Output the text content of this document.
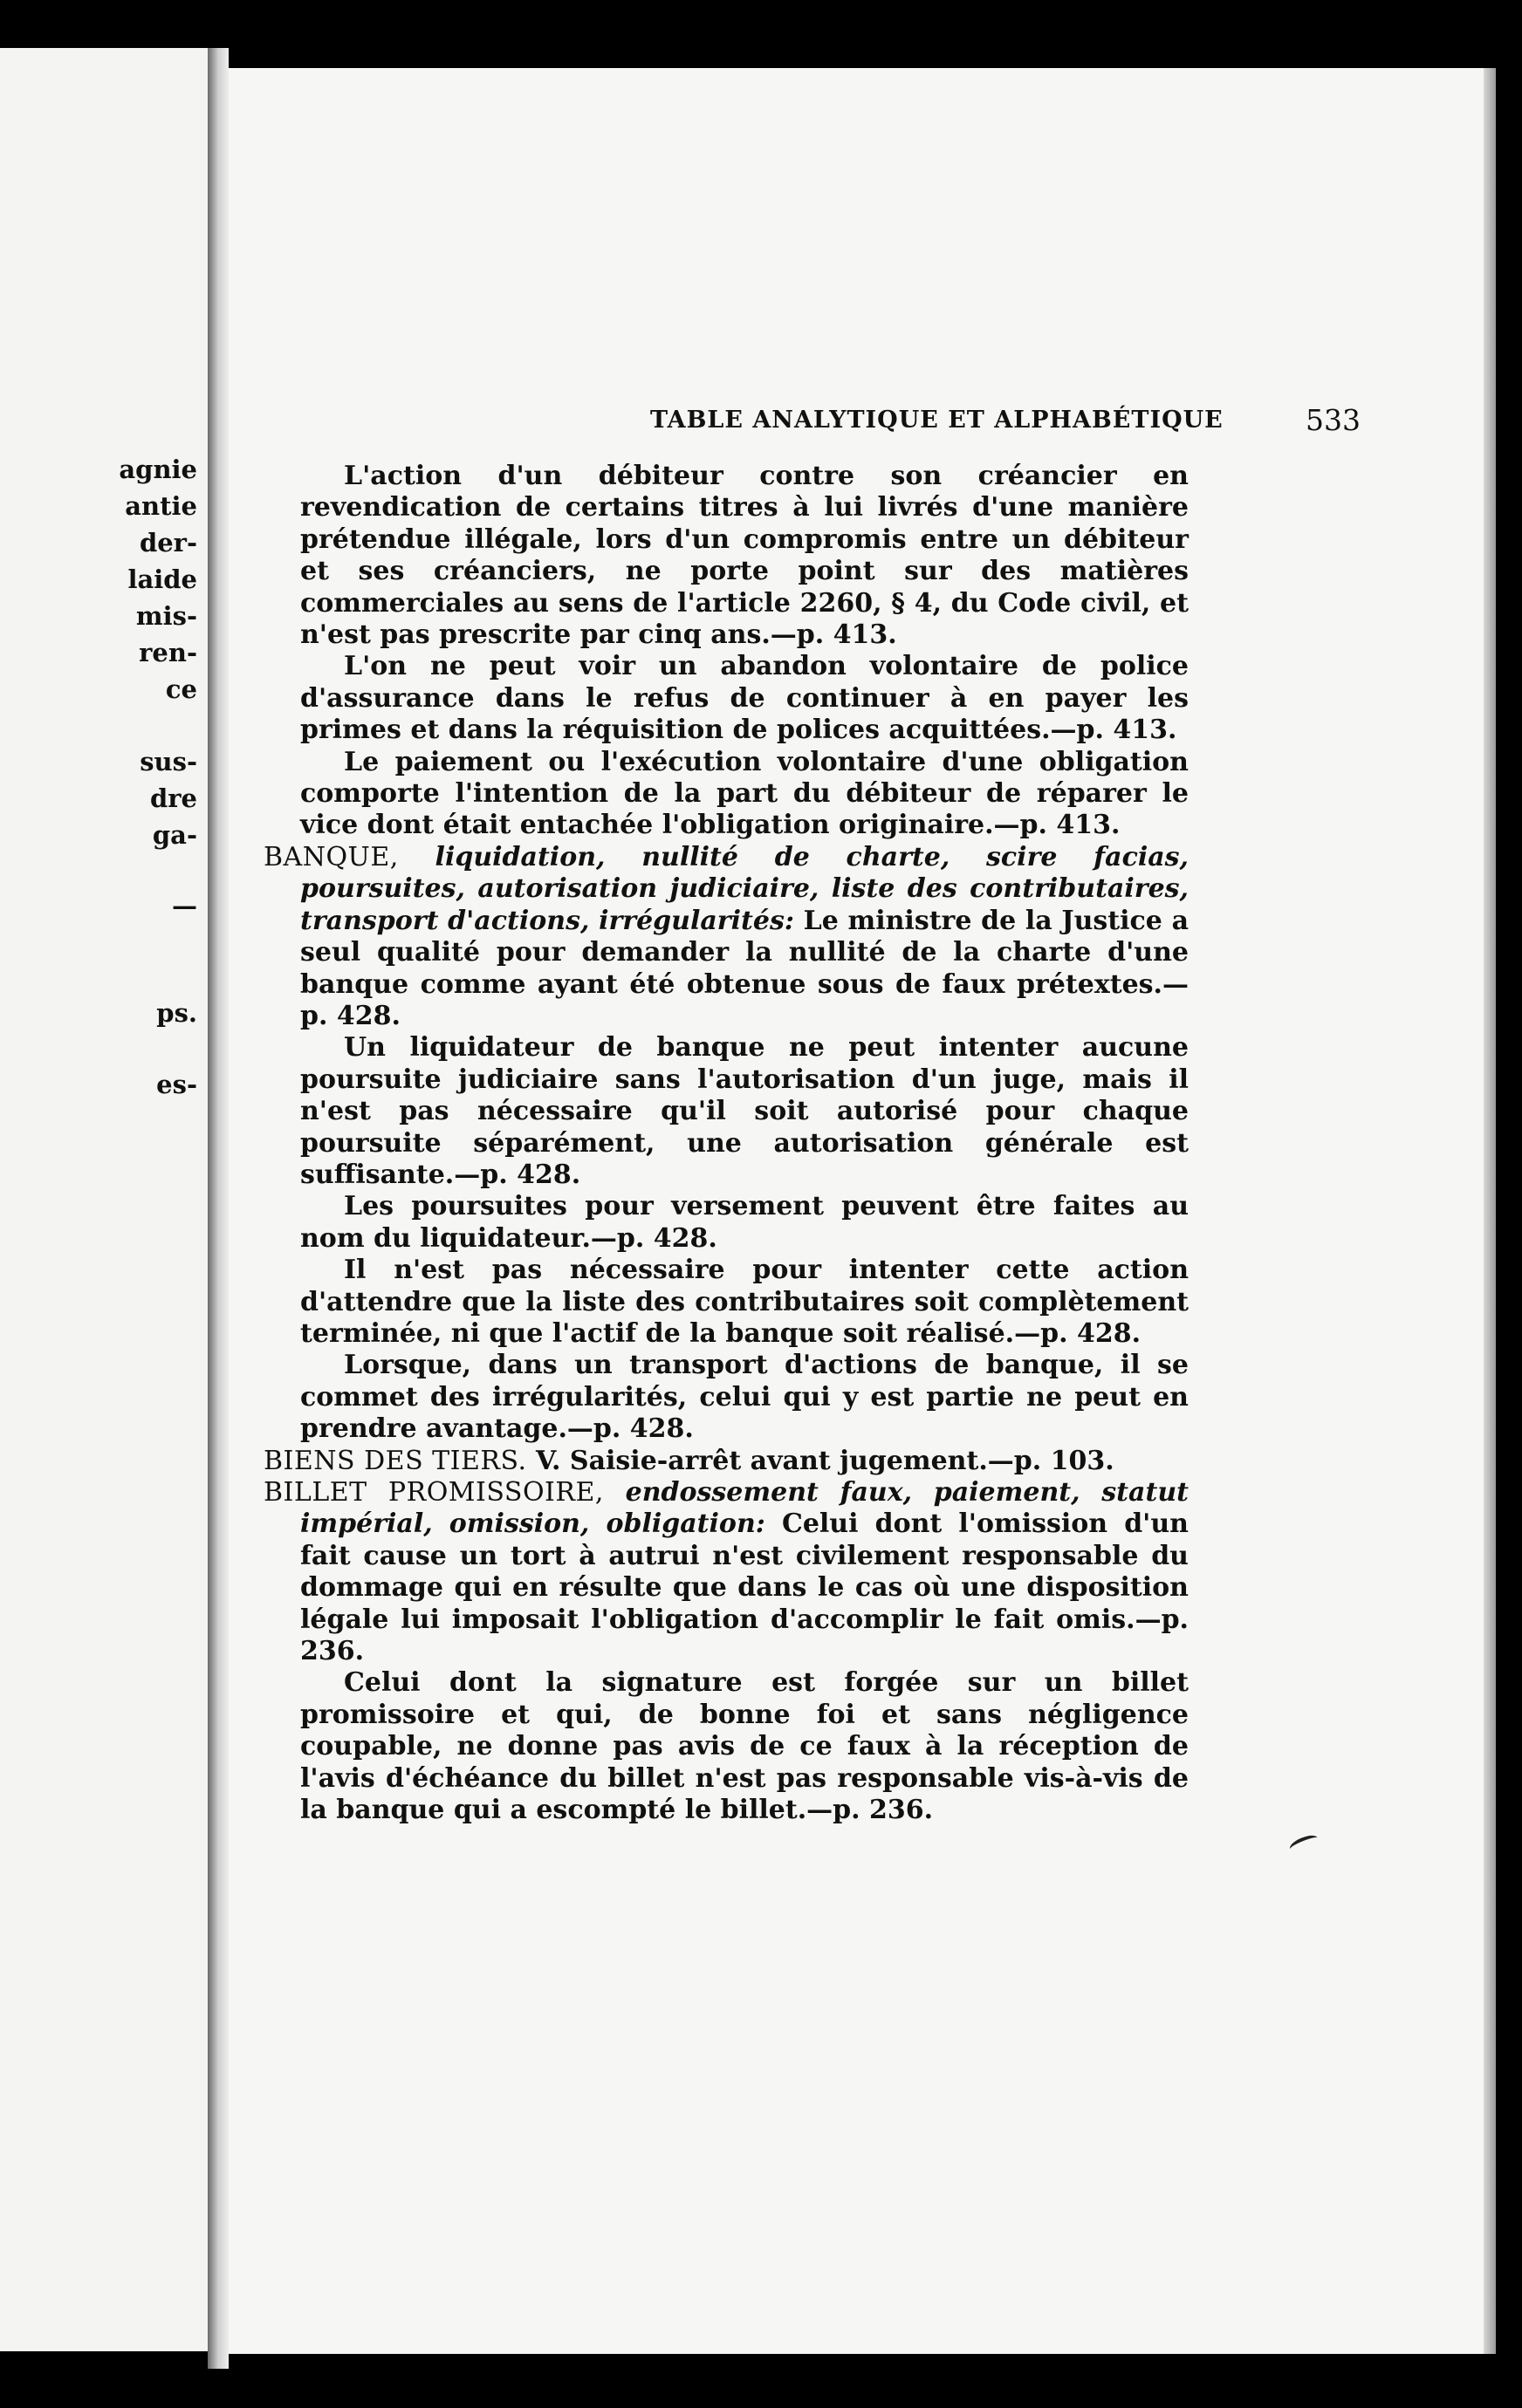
agnie
antie
der-
laide
mis-
ren-
ce
sus-
dre
ga-
—
ps.
es-
TABLE ANALYTIQUE ET ALPHABÉTIQUE	533

L'action d'un débiteur contre son créancier en revendication de certains titres à lui livrés d'une manière prétendue illégale, lors d'un compromis entre un débiteur et ses créanciers, ne porte point sur des matières commerciales au sens de l'article 2260, § 4, du Code civil, et n'est pas prescrite par cinq ans.—p. 413.

L'on ne peut voir un abandon volontaire de police d'assurance dans le refus de continuer à en payer les primes et dans la réquisition de polices acquittées.—p. 413.

Le paiement ou l'exécution volontaire d'une obligation comporte l'intention de la part du débiteur de réparer le vice dont était entachée l'obligation originaire.—p. 413.

BANQUE, liquidation, nullité de charte, scire facias, poursuites, autorisation judiciaire, liste des contributaires, transport d'actions, irrégularités: Le ministre de la Justice a seul qualité pour demander la nullité de la charte d'une banque comme ayant été obtenue sous de faux prétextes.—p. 428.

Un liquidateur de banque ne peut intenter aucune poursuite judiciaire sans l'autorisation d'un juge, mais il n'est pas nécessaire qu'il soit autorisé pour chaque poursuite séparément, une autorisation générale est suffisante.—p. 428.

Les poursuites pour versement peuvent être faites au nom du liquidateur.—p. 428.

Il n'est pas nécessaire pour intenter cette action d'attendre que la liste des contributaires soit complètement terminée, ni que l'actif de la banque soit réalisé.—p. 428.

Lorsque, dans un transport d'actions de banque, il se commet des irrégularités, celui qui y est partie ne peut en prendre avantage.—p. 428.

BIENS DES TIERS. V. Saisie-arrêt avant jugement.—p. 103.

BILLET PROMISSOIRE, endossement faux, paiement, statut impérial, omission, obligation: Celui dont l'omission d'un fait cause un tort à autrui n'est civilement responsable du dommage qui en résulte que dans le cas où une disposition légale lui imposait l'obligation d'accomplir le fait omis.—p. 236.

Celui dont la signature est forgée sur un billet promissoire et qui, de bonne foi et sans négligence coupable, ne donne pas avis de ce faux à la réception de l'avis d'échéance du billet n'est pas responsable vis-à-vis de la banque qui a escompté le billet.—p. 236.
